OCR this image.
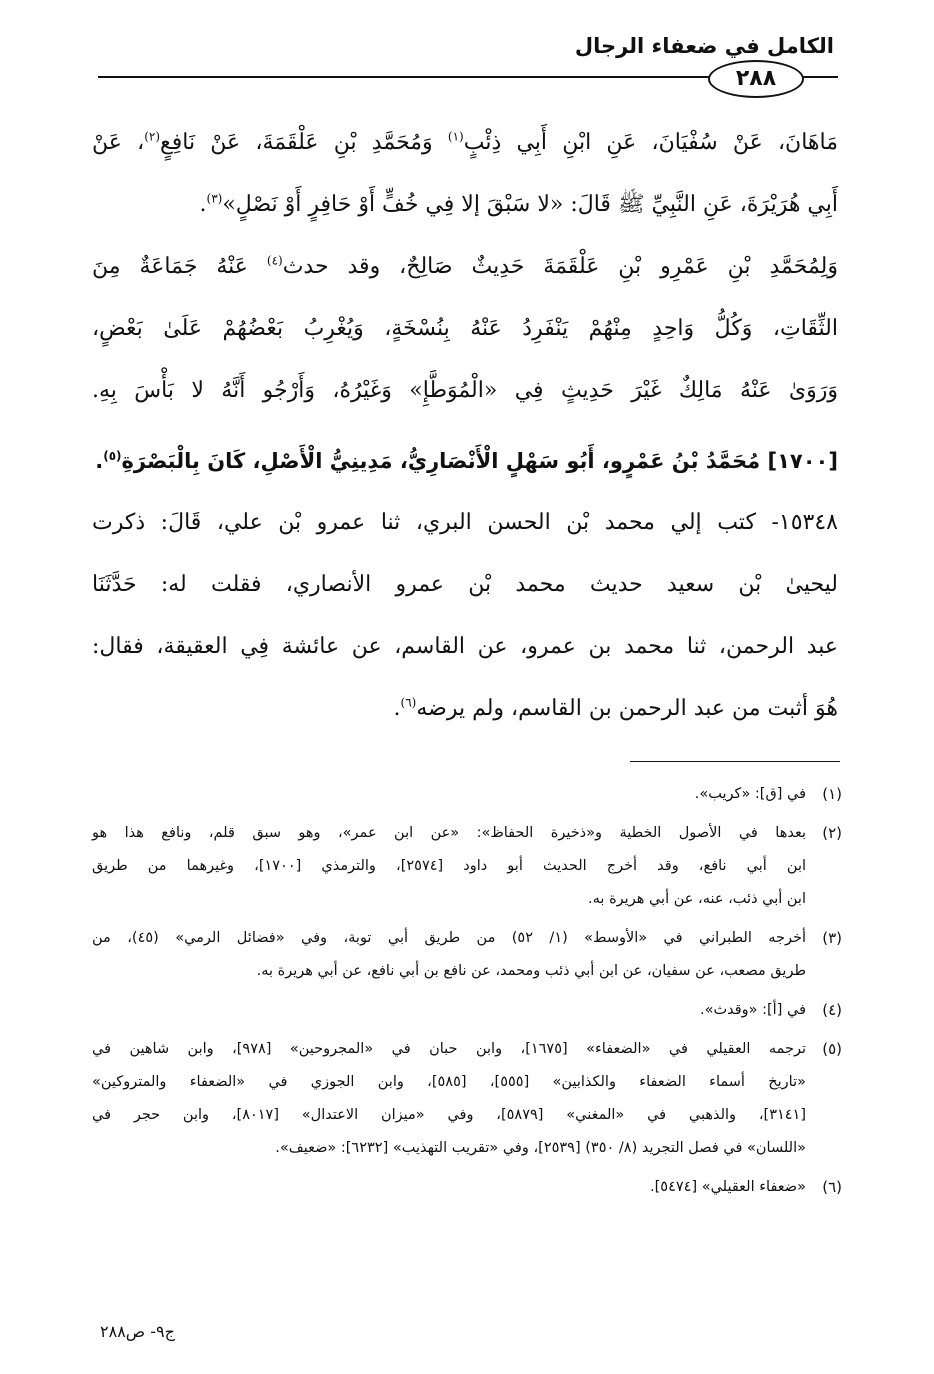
الكامل في ضعفاء الرجال
٢٨٨
مَاهَانَ، عَنْ سُفْيَانَ، عَنِ ابْنِ أَبِي ذِئْبٍ$^{(١)}$ وَمُحَمَّدِ بْنِ عَلْقَمَةَ، عَنْ نَافِعٍ$^{(٢)}$، عَنْ
أَبِي هُرَيْرَةَ، عَنِ النَّبِيِّ ﷺ قَالَ: «لا سَبْقَ إلا فِي خُفٍّ أَوْ حَافِرٍ أَوْ نَصْلٍ»$^{(٣)}$.
وَلِمُحَمَّدِ بْنِ عَمْرِو بْنِ عَلْقَمَةَ حَدِيثٌ صَالِحٌ، وقد حدث$^{(٤)}$ عَنْهُ جَمَاعَةٌ مِنَ
الثِّقَاتِ، وَكُلُّ وَاحِدٍ مِنْهُمْ يَنْفَرِدُ عَنْهُ بِنُسْخَةٍ، وَيُغْرِبُ بَعْضُهُمْ عَلَىٰ بَعْضٍ،
وَرَوَىٰ عَنْهُ مَالِكٌ غَيْرَ حَدِيثٍ فِي «الْمُوَطَّإِ» وَغَيْرُهُ، وَأَرْجُو أَنَّهُ لا بَأْسَ بِهِ.
[١٧٠٠] مُحَمَّدُ بْنُ عَمْرٍو، أَبُو سَهْلٍ الْأَنْصَارِيُّ، مَدِينِيُّ الْأَصْلِ، كَانَ بِالْبَصْرَةِ$^{(٥)}$.
١٥٣٤٨- كتب إلي محمد بْن الحسن البري، ثنا عمرو بْن علي، قَالَ: ذكرت
ليحيىٰ بْن سعيد حديث محمد بْن عمرو الأنصاري، فقلت له: حَدَّثَنَا
عبد الرحمن، ثنا محمد بن عمرو، عن القاسم، عن عائشة فِي العقيقة، فقال:
هُوَ أثبت من عبد الرحمن بن القاسم، ولم يرضه$^{(٦)}$.
(١)
في [ق]: «كريب».
(٢)
بعدها في الأصول الخطية و«ذخيرة الحفاظ»: «عن ابن عمر»، وهو سبق قلم، ونافع هذا هو
ابن أبي نافع، وقد أخرج الحديث أبو داود [٢٥٧٤]، والترمذي [١٧٠٠]، وغيرهما من طريق
ابن أبي ذئب، عنه، عن أبي هريرة به.
(٣)
أخرجه الطبراني في «الأوسط» (١/ ٥٢) من طريق أبي توبة، وفي «فضائل الرمي» (٤٥)، من
طريق مصعب، عن سفيان، عن ابن أبي ذئب ومحمد، عن نافع بن أبي نافع، عن أبي هريرة به.
(٤)
في [أ]: «وقدث».
(٥)
ترجمه العقيلي في «الضعفاء» [١٦٧٥]، وابن حبان في «المجروحين» [٩٧٨]، وابن شاهين في
«تاريخ أسماء الضعفاء والكذابين» [٥٥٥]، [٥٨٥]، وابن الجوزي في «الضعفاء والمتروكين»
[٣١٤١]، والذهبي في «المغني» [٥٨٧٩]، وفي «ميزان الاعتدال» [٨٠١٧]، وابن حجر في
«اللسان» في فصل التجريد (٨/ ٣٥٠) [٢٥٣٩]، وفي «تقريب التهذيب» [٦٢٣٢]: «ضعيف».
(٦)
«ضعفاء العقيلي» [٥٤٧٤].
ج٩- ص٢٨٨
